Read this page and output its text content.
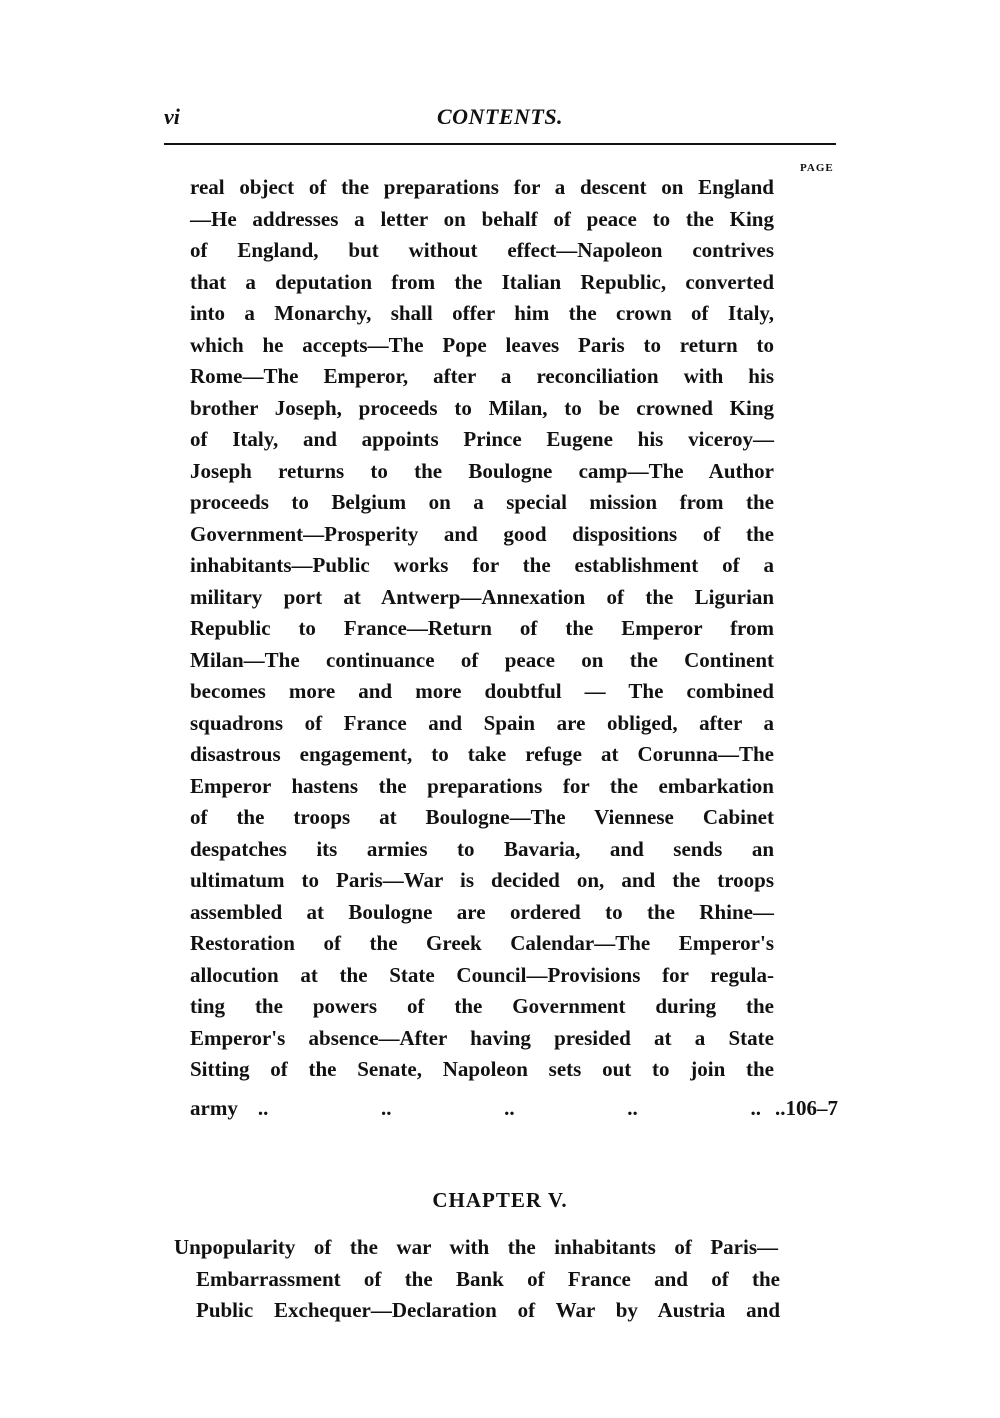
vi	CONTENTS.
PAGE
real object of the preparations for a descent on England
—He addresses a letter on behalf of peace to the King
of England, but without effect—Napoleon contrives
that a deputation from the Italian Republic, converted
into a Monarchy, shall offer him the crown of Italy,
which he accepts—The Pope leaves Paris to return to
Rome—The Emperor, after a reconciliation with his
brother Joseph, proceeds to Milan, to be crowned King
of Italy, and appoints Prince Eugene his viceroy—
Joseph returns to the Boulogne camp—The Author
proceeds to Belgium on a special mission from the
Government—Prosperity and good dispositions of the
inhabitants—Public works for the establishment of a
military port at Antwerp—Annexation of the Ligurian
Republic to France—Return of the Emperor from
Milan—The continuance of peace on the Continent
becomes more and more doubtful — The combined
squadrons of France and Spain are obliged, after a
disastrous engagement, to take refuge at Corunna—The
Emperor hastens the preparations for the embarkation
of the troops at Boulogne—The Viennese Cabinet
despatches its armies to Bavaria, and sends an
ultimatum to Paris—War is decided on, and the troops
assembled at Boulogne are ordered to the Rhine—
Restoration of the Greek Calendar—The Emperor's
allocution at the State Council—Provisions for regula-
ting the powers of the Government during the
Emperor's absence—After having presided at a State
Sitting of the Senate, Napoleon sets out to join the
army ..	..	..	..	.. ..106–7
CHAPTER V.
Unpopularity of the war with the inhabitants of Paris—
Embarrassment of the Bank of France and of the
Public Exchequer—Declaration of War by Austria and
